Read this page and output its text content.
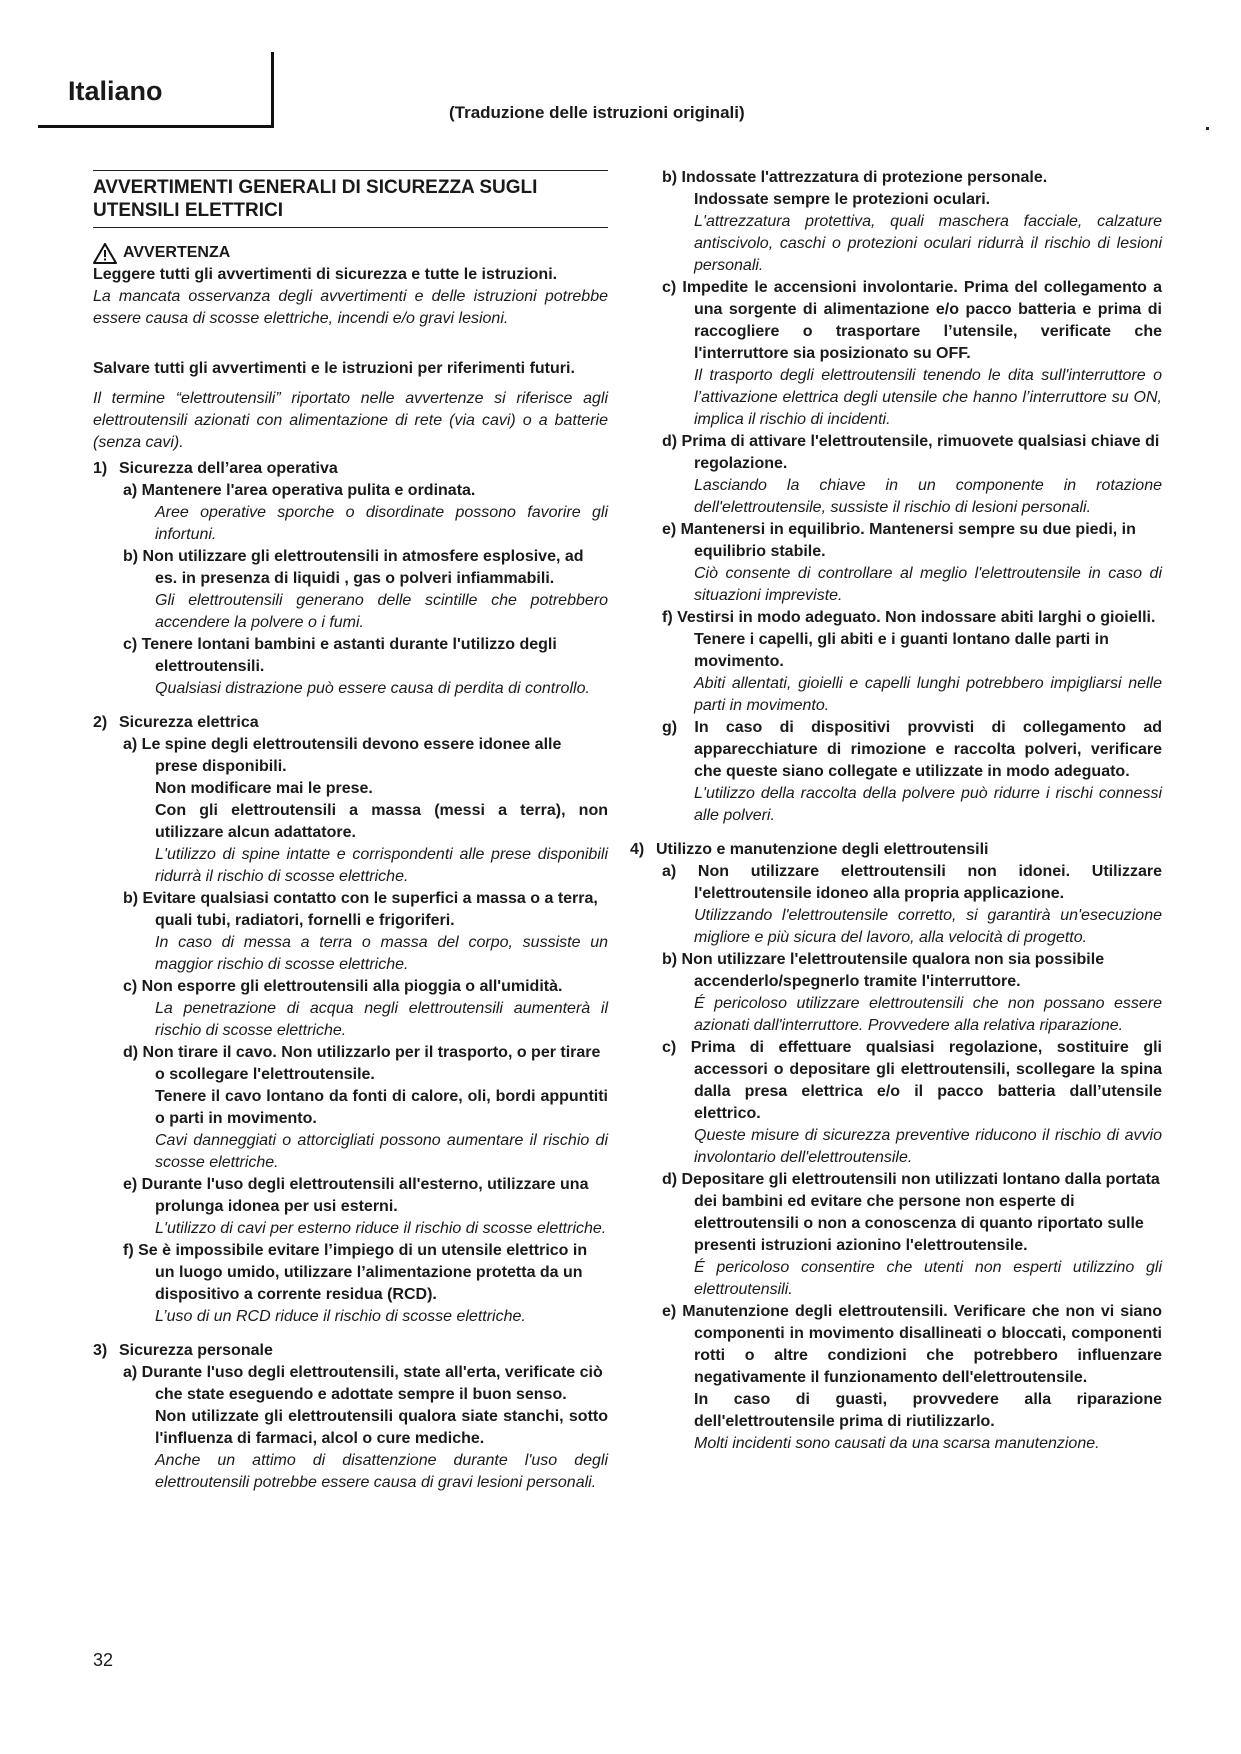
Italiano
(Traduzione delle istruzioni originali)
AVVERTIMENTI GENERALI DI SICUREZZA SUGLI UTENSILI ELETTRICI
AVVERTENZA
Leggere tutti gli avvertimenti di sicurezza e tutte le istruzioni.
La mancata osservanza degli avvertimenti e delle istruzioni potrebbe essere causa di scosse elettriche, incendi e/o gravi lesioni.
Salvare tutti gli avvertimenti e le istruzioni per riferimenti futuri.
Il termine “elettroutensili” riportato nelle avvertenze si riferisce agli elettroutensili azionati con alimentazione di rete (via cavi) o a batterie (senza cavi).
1) Sicurezza dell’area operativa
a) Mantenere l'area operativa pulita e ordinata.
Aree operative sporche o disordinate possono favorire gli infortuni.
b) Non utilizzare gli elettroutensili in atmosfere esplosive, ad es. in presenza di liquidi , gas o polveri infiammabili.
Gli elettroutensili generano delle scintille che potrebbero accendere la polvere o i fumi.
c) Tenere lontani bambini e astanti durante l'utilizzo degli elettroutensili.
Qualsiasi distrazione può essere causa di perdita di controllo.
2) Sicurezza elettrica
a) Le spine degli elettroutensili devono essere idonee alle prese disponibili.
Non modificare mai le prese.
Con gli elettroutensili a massa (messi a terra), non utilizzare alcun adattatore.
L'utilizzo di spine intatte e corrispondenti alle prese disponibili ridurrà il rischio di scosse elettriche.
b) Evitare qualsiasi contatto con le superfici a massa o a terra, quali tubi, radiatori, fornelli e frigoriferi.
In caso di messa a terra o massa del corpo, sussiste un maggior rischio di scosse elettriche.
c) Non esporre gli elettroutensili alla pioggia o all'umidità.
La penetrazione di acqua negli elettroutensili aumenterà il rischio di scosse elettriche.
d) Non tirare il cavo. Non utilizzarlo per il trasporto, o per tirare o scollegare l'elettroutensile.
Tenere il cavo lontano da fonti di calore, oli, bordi appuntiti o parti in movimento.
Cavi danneggiati o attorcigliati possono aumentare il rischio di scosse elettriche.
e) Durante l'uso degli elettroutensili all'esterno, utilizzare una prolunga idonea per usi esterni.
L'utilizzo di cavi per esterno riduce il rischio di scosse elettriche.
f) Se è impossibile evitare l’impiego di un utensile elettrico in un luogo umido, utilizzare l’alimentazione protetta da un dispositivo a corrente residua (RCD).
L’uso di un RCD riduce il rischio di scosse elettriche.
3) Sicurezza personale
a) Durante l'uso degli elettroutensili, state all'erta, verificate ciò che state eseguendo e adottate sempre il buon senso.
Non utilizzate gli elettroutensili qualora siate stanchi, sotto l'influenza di farmaci, alcol o cure mediche.
Anche un attimo di disattenzione durante l'uso degli elettroutensili potrebbe essere causa di gravi lesioni personali.
b) Indossate l'attrezzatura di protezione personale.
Indossate sempre le protezioni oculari.
L'attrezzatura protettiva, quali maschera facciale, calzature antiscivolo, caschi o protezioni oculari ridurrà il rischio di lesioni personali.
c) Impedite le accensioni involontarie. Prima del collegamento a una sorgente di alimentazione e/o pacco batteria e prima di raccogliere o trasportare l’utensile, verificate che l'interruttore sia posizionato su OFF.
Il trasporto degli elettroutensili tenendo le dita sull'interruttore o l’attivazione elettrica degli utensile che hanno l’interruttore su ON, implica il rischio di incidenti.
d) Prima di attivare l'elettroutensile, rimuovete qualsiasi chiave di regolazione.
Lasciando la chiave in un componente in rotazione dell'elettroutensile, sussiste il rischio di lesioni personali.
e) Mantenersi in equilibrio. Mantenersi sempre su due piedi, in equilibrio stabile.
Ciò consente di controllare al meglio l'elettroutensile in caso di situazioni impreviste.
f) Vestirsi in modo adeguato. Non indossare abiti larghi o gioielli. Tenere i capelli, gli abiti e i guanti lontano dalle parti in movimento.
Abiti allentati, gioielli e capelli lunghi potrebbero impigliarsi nelle parti in movimento.
g) In caso di dispositivi provvisti di collegamento ad apparecchiature di rimozione e raccolta polveri, verificare che queste siano collegate e utilizzate in modo adeguato.
L'utilizzo della raccolta della polvere può ridurre i rischi connessi alle polveri.
4) Utilizzo e manutenzione degli elettroutensili
a) Non utilizzare elettroutensili non idonei. Utilizzare l'elettroutensile idoneo alla propria applicazione.
Utilizzando l'elettroutensile corretto, si garantirà un'esecuzione migliore e più sicura del lavoro, alla velocità di progetto.
b) Non utilizzare l'elettroutensile qualora non sia possibile accenderlo/spegnerlo tramite l'interruttore.
É pericoloso utilizzare elettroutensili che non possano essere azionati dall'interruttore. Provvedere alla relativa riparazione.
c) Prima di effettuare qualsiasi regolazione, sostituire gli accessori o depositare gli elettroutensili, scollegare la spina dalla presa elettrica e/o il pacco batteria dall’utensile elettrico.
Queste misure di sicurezza preventive riducono il rischio di avvio involontario dell'elettroutensile.
d) Depositare gli elettroutensili non utilizzati lontano dalla portata dei bambini ed evitare che persone non esperte di elettroutensili o non a conoscenza di quanto riportato sulle presenti istruzioni azionino l'elettroutensile.
É pericoloso consentire che utenti non esperti utilizzino gli elettroutensili.
e) Manutenzione degli elettroutensili. Verificare che non vi siano componenti in movimento disallineati o bloccati, componenti rotti o altre condizioni che potrebbero influenzare negativamente il funzionamento dell'elettroutensile.
In caso di guasti, provvedere alla riparazione dell'elettroutensile prima di riutilizzarlo.
Molti incidenti sono causati da una scarsa manutenzione.
32
